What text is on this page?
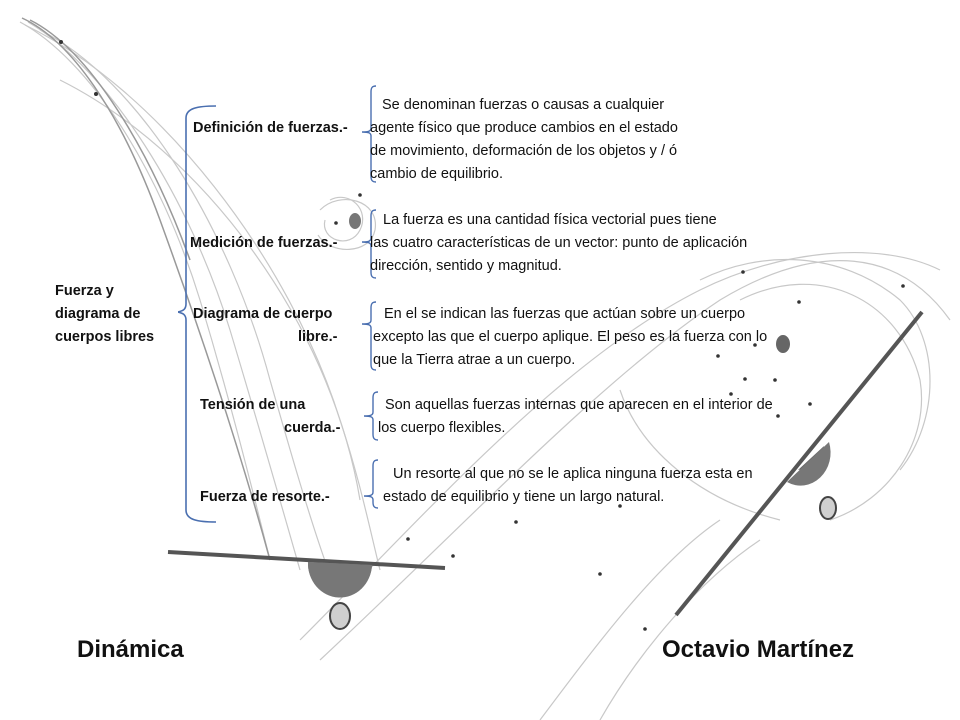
Fuerza y
diagrama de
cuerpos libres
Definición de fuerzas.-
Se denominan fuerzas o causas a cualquier
agente físico que produce cambios en el estado
de movimiento, deformación de los objetos y / ó
cambio de equilibrio.
Medición de fuerzas.-
La fuerza es una cantidad física vectorial pues tiene
las cuatro características de un vector: punto de aplicación
dirección, sentido y magnitud.
Diagrama de cuerpo
libre.-
En el se indican las fuerzas que actúan sobre un cuerpo
excepto las que el cuerpo aplique. El peso es la fuerza con lo
que la Tierra atrae a un cuerpo.
Tensión de una
cuerda.-
Son aquellas fuerzas internas que aparecen en el interior de
los cuerpo flexibles.
Fuerza de resorte.-
Un resorte al que no se le aplica ninguna fuerza esta en
estado de equilibrio y tiene un largo natural.
Dinámica	Octavio Martínez
